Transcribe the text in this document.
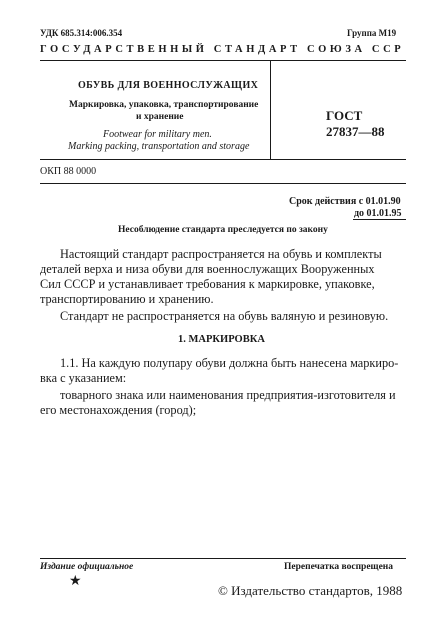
УДК 685.314:006.354	Группа М19
ГОСУДАРСТВЕННЫЙ СТАНДАРТ СОЮЗА ССР
ОБУВЬ ДЛЯ ВОЕННОСЛУЖАЩИХ
Маркировка, упаковка, транспортирование
и хранение
Footwear for military men.
Marking packing, transportation and storage
ГОСТ
27837—88
ОКП 88 0000
Срок действия с 01.01.90
до 01.01.95
Несоблюдение стандарта преследуется по закону
Настоящий стандарт распространяется на обувь и комплекты
деталей верха и низа обуви для военнослужащих Вооруженных
Сил СССР и устанавливает требования к маркировке, упаковке,
транспортированию и хранению.
Стандарт не распространяется на обувь валяную и резиновую.
1. МАРКИРОВКА
1.1. На каждую полупару обуви должна быть нанесена маркиро-
вка с указанием:
товарного знака или наименования предприятия-изготовителя и
его местонахождения (город);
Издание официальное	Перепечатка воспрещена
★
© Издательство стандартов, 1988
